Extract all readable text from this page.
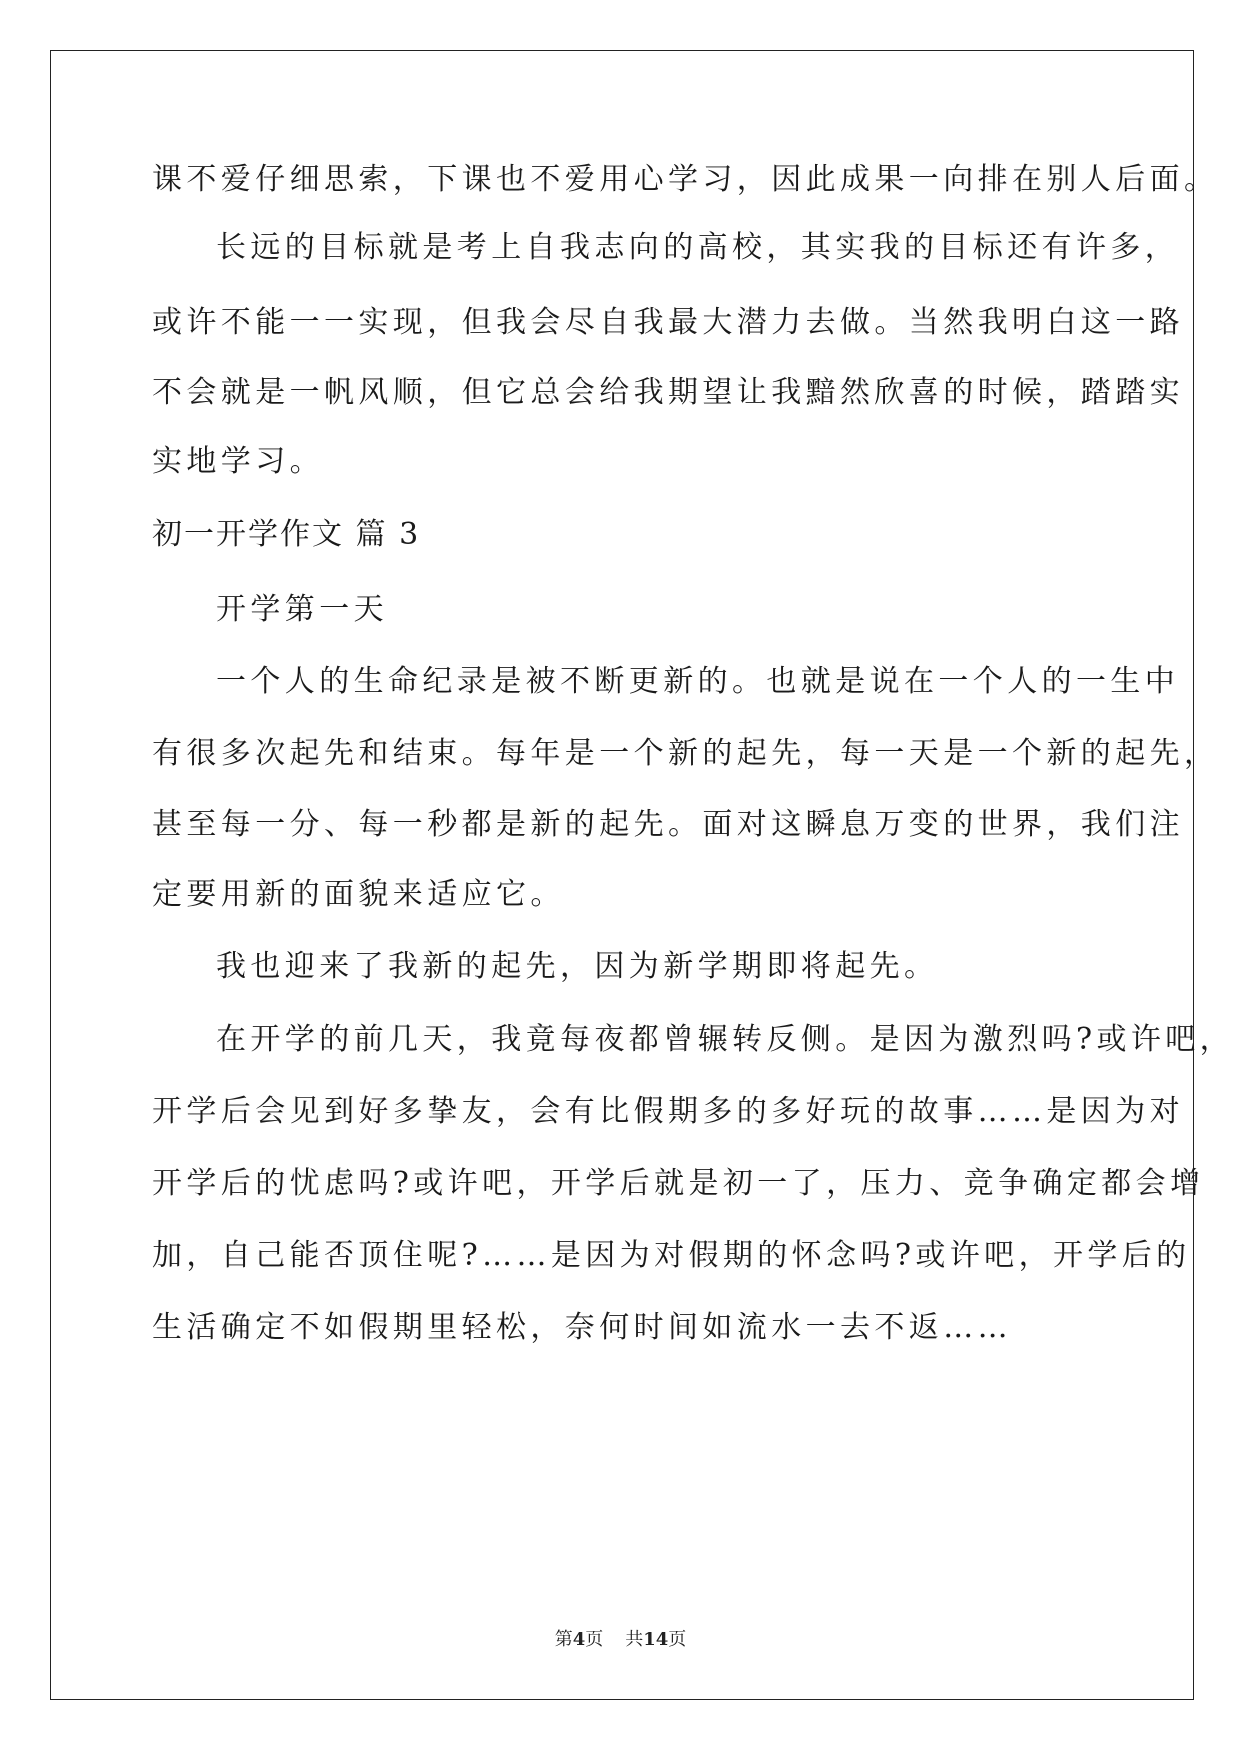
课不爱仔细思索，下课也不爱用心学习，因此成果一向排在别人后面。
长远的目标就是考上自我志向的高校，其实我的目标还有许多，
或许不能一一实现，但我会尽自我最大潜力去做。当然我明白这一路
不会就是一帆风顺，但它总会给我期望让我黯然欣喜的时候，踏踏实
实地学习。
初一开学作文 篇 3
开学第一天
一个人的生命纪录是被不断更新的。也就是说在一个人的一生中
有很多次起先和结束。每年是一个新的起先，每一天是一个新的起先，
甚至每一分、每一秒都是新的起先。面对这瞬息万变的世界，我们注
定要用新的面貌来适应它。
我也迎来了我新的起先，因为新学期即将起先。
在开学的前几天，我竟每夜都曾辗转反侧。是因为激烈吗?或许吧，
开学后会见到好多挚友，会有比假期多的多好玩的故事……是因为对
开学后的忧虑吗?或许吧，开学后就是初一了，压力、竞争确定都会增
加，自己能否顶住呢?……是因为对假期的怀念吗?或许吧，开学后的
生活确定不如假期里轻松，奈何时间如流水一去不返……
第4页 共14页
